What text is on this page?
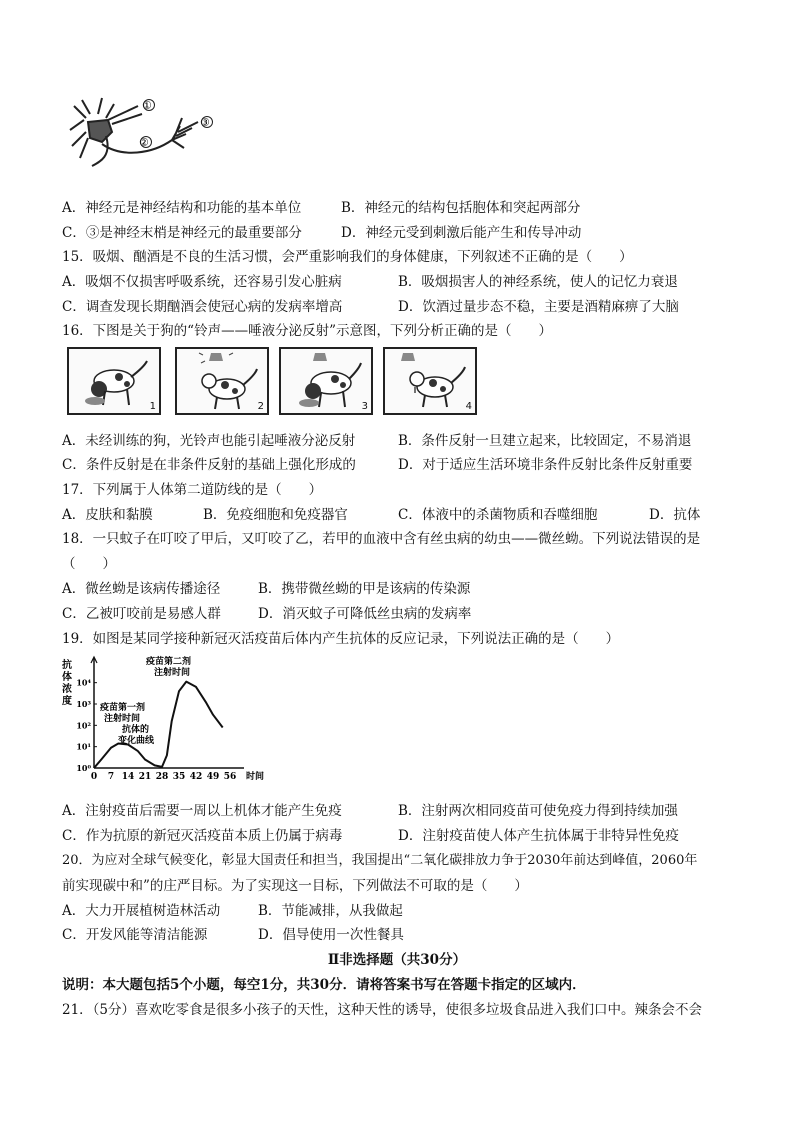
①
②
③
A．神经元是神经结构和功能的基本单位	B．神经元的结构包括胞体和突起两部分
C．③是神经末梢是神经元的最重要部分	D．神经元受到刺激后能产生和传导冲动
15．吸烟、酗酒是不良的生活习惯，会严重影响我们的身体健康，下列叙述不正确的是（　　）
A．吸烟不仅损害呼吸系统，还容易引发心脏病	B．吸烟损害人的神经系统，使人的记忆力衰退
C．调查发现长期酗酒会使冠心病的发病率增高	D．饮酒过量步态不稳，主要是酒精麻痹了大脑
16．下图是关于狗的“铃声——唾液分泌反射”示意图，下列分析正确的是（　　）
1	2	3	4
A．未经训练的狗，光铃声也能引起唾液分泌反射	B．条件反射一旦建立起来，比较固定，不易消退
C．条件反射是在非条件反射的基础上强化形成的	D．对于适应生活环境非条件反射比条件反射重要
17．下列属于人体第二道防线的是（　　）
A．皮肤和黏膜	B．免疫细胞和免疫器官	C．体液中的杀菌物质和吞噬细胞	D．抗体
18．一只蚊子在叮咬了甲后，又叮咬了乙，若甲的血液中含有丝虫病的幼虫——微丝蚴。下列说法错误的是
（　　）
A．微丝蚴是该病传播途径	B．携带微丝蚴的甲是该病的传染源
C．乙被叮咬前是易感人群	D．消灭蚊子可降低丝虫病的发病率
19．如图是某同学接种新冠灭活疫苗后体内产生抗体的反应记录，下列说法正确的是（　　）
抗
体
浓
度
10⁰
10¹
10²
10³
10⁴
0 7 14 21 28 35 42 49 56 时间
疫苗第一剂
注射时间
疫苗第二剂
注射时间
抗体的
变化曲线
A．注射疫苗后需要一周以上机体才能产生免疫	B．注射两次相同疫苗可使免疫力得到持续加强
C．作为抗原的新冠灭活疫苗本质上仍属于病毒	D．注射疫苗使人体产生抗体属于非特异性免疫
20．为应对全球气候变化，彰显大国责任和担当，我国提出“二氧化碳排放力争于2030年前达到峰值，2060年
前实现碳中和”的庄严目标。为了实现这一目标，下列做法不可取的是（　　）
A．大力开展植树造林活动	B．节能减排，从我做起
C．开发风能等清洁能源	D．倡导使用一次性餐具
Ⅱ非选择题（共30分）
说明：本大题包括5个小题，每空1分，共30分．请将答案书写在答题卡指定的区域内．
21．（5分）喜欢吃零食是很多小孩子的天性，这种天性的诱导，使很多垃圾食品进入我们口中。辣条会不会
